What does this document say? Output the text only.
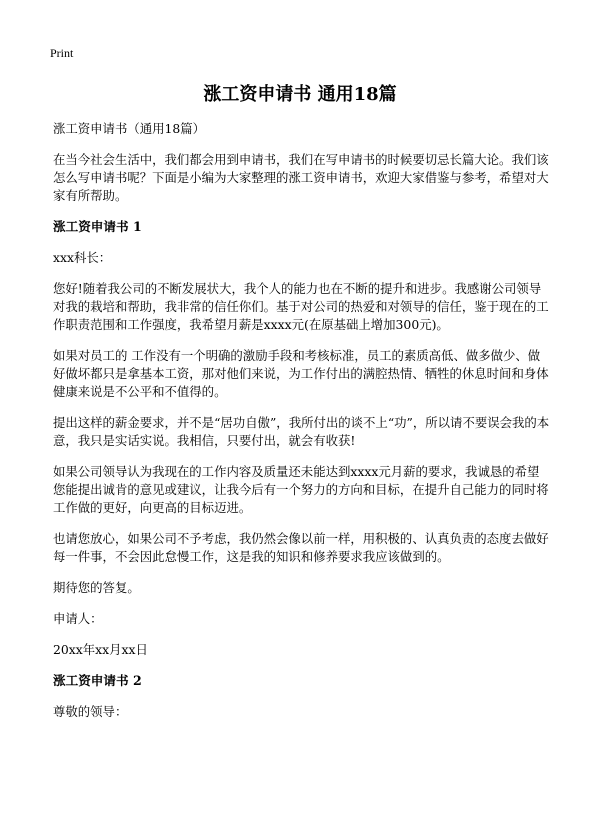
Print
涨工资申请书 通用18篇

涨工资申请书（通用18篇）

在当今社会生活中，我们都会用到申请书，我们在写申请书的时候要切忌长篇大论。我们该怎么写申请书呢？下面是小编为大家整理的涨工资申请书，欢迎大家借鉴与参考，希望对大家有所帮助。

涨工资申请书 1

xxx科长：

您好!随着我公司的不断发展状大，我个人的能力也在不断的提升和进步。我感谢公司领导对我的栽培和帮助，我非常的信任你们。基于对公司的热爱和对领导的信任，鉴于现在的工作职责范围和工作强度，我希望月薪是xxxx元(在原基础上增加300元)。

如果对员工的 工作没有一个明确的激励手段和考核标准，员工的素质高低、做多做少、做好做坏都只是拿基本工资，那对他们来说，为工作付出的满腔热情、牺牲的休息时间和身体健康来说是不公平和不值得的。

提出这样的薪金要求，并不是“居功自傲”，我所付出的谈不上“功”，所以请不要误会我的本意，我只是实话实说。我相信，只要付出，就会有收获!

如果公司领导认为我现在的工作内容及质量还未能达到xxxx元月薪的要求，我诚恳的希望您能提出诚肯的意见或建议，让我今后有一个努力的方向和目标，在提升自己能力的同时将工作做的更好，向更高的目标迈进。

也请您放心，如果公司不予考虑，我仍然会像以前一样，用积极的、认真负责的态度去做好每一件事，不会因此怠慢工作，这是我的知识和修养要求我应该做到的。

期待您的答复。

申请人：

20xx年xx月xx日

涨工资申请书 2

尊敬的领导：
